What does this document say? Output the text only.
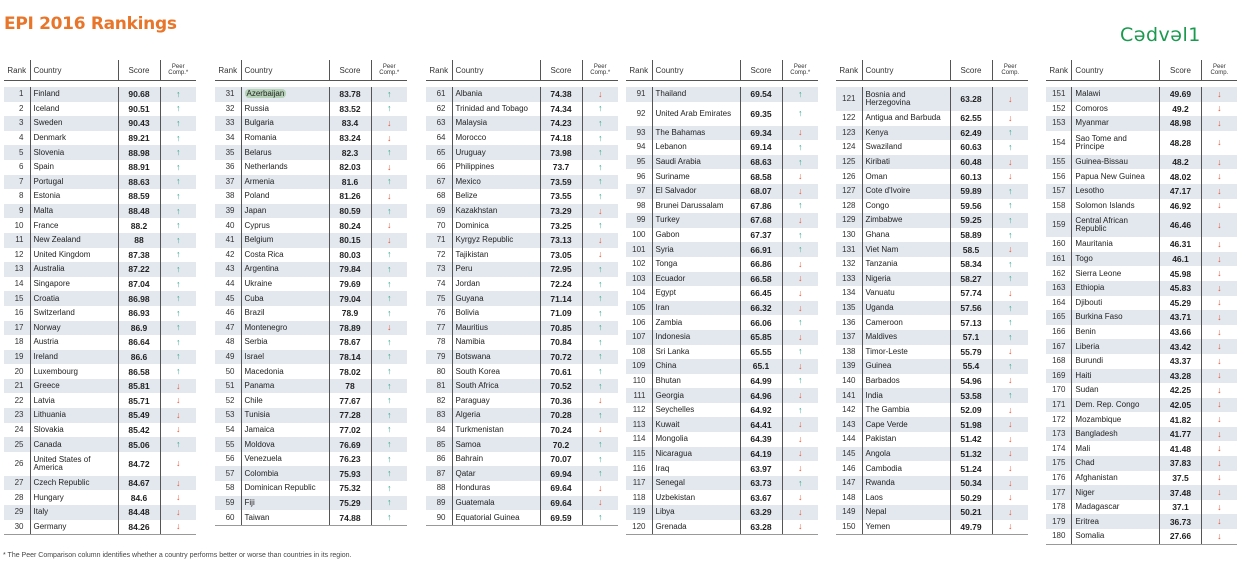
EPI 2016 Rankings	Cədvəl1
Rank	Country	Score	Peer
Comp.*

1	Finland	90.68	↑
2	Iceland	90.51	↑
3	Sweden	90.43	↑
4	Denmark	89.21	↑
5	Slovenia	88.98	↑
6	Spain	88.91	↑
7	Portugal	88.63	↑
8	Estonia	88.59	↑
9	Malta	88.48	↑
10	France	88.2	↑
11	New Zealand	88	↑
12	United Kingdom	87.38	↑
13	Australia	87.22	↑
14	Singapore	87.04	↑
15	Croatia	86.98	↑
16	Switzerland	86.93	↑
17	Norway	86.9	↑
18	Austria	86.64	↑
19	Ireland	86.6	↑
20	Luxembourg	86.58	↑
21	Greece	85.81	↓
22	Latvia	85.71	↓
23	Lithuania	85.49	↓
24	Slovakia	85.42	↓
25	Canada	85.06	↑
26	United States of America	84.72	↓
27	Czech Republic	84.67	↓
28	Hungary	84.6	↓
29	Italy	84.48	↓
30	Germany	84.26	↓
Rank	Country	Score	Peer
Comp.*

31	Azerbaijan	83.78	↑
32	Russia	83.52	↑
33	Bulgaria	83.4	↓
34	Romania	83.24	↓
35	Belarus	82.3	↑
36	Netherlands	82.03	↓
37	Armenia	81.6	↑
38	Poland	81.26	↓
39	Japan	80.59	↑
40	Cyprus	80.24	↓
41	Belgium	80.15	↓
42	Costa Rica	80.03	↑
43	Argentina	79.84	↑
44	Ukraine	79.69	↑
45	Cuba	79.04	↑
46	Brazil	78.9	↑
47	Montenegro	78.89	↓
48	Serbia	78.67	↑
49	Israel	78.14	↑
50	Macedonia	78.02	↑
51	Panama	78	↑
52	Chile	77.67	↑
53	Tunisia	77.28	↑
54	Jamaica	77.02	↑
55	Moldova	76.69	↑
56	Venezuela	76.23	↑
57	Colombia	75.93	↑
58	Dominican Republic	75.32	↑
59	Fiji	75.29	↑
60	Taiwan	74.88	↑
Rank	Country	Score	Peer
Comp.*

61	Albania	74.38	↓
62	Trinidad and Tobago	74.34	↑
63	Malaysia	74.23	↑
64	Morocco	74.18	↑
65	Uruguay	73.98	↑
66	Philippines	73.7	↑
67	Mexico	73.59	↑
68	Belize	73.55	↑
69	Kazakhstan	73.29	↓
70	Dominica	73.25	↑
71	Kyrgyz Republic	73.13	↓
72	Tajikistan	73.05	↓
73	Peru	72.95	↑
74	Jordan	72.24	↑
75	Guyana	71.14	↑
76	Bolivia	71.09	↑
77	Mauritius	70.85	↑
78	Namibia	70.84	↑
79	Botswana	70.72	↑
80	South Korea	70.61	↑
81	South Africa	70.52	↑
82	Paraguay	70.36	↓
83	Algeria	70.28	↑
84	Turkmenistan	70.24	↓
85	Samoa	70.2	↑
86	Bahrain	70.07	↑
87	Qatar	69.94	↑
88	Honduras	69.64	↓
89	Guatemala	69.64	↓
90	Equatorial Guinea	69.59	↑
Rank	Country	Score	Peer
Comp.*

91	Thailand	69.54	↑
92	United Arab Emirates	69.35	↑
93	The Bahamas	69.34	↓
94	Lebanon	69.14	↑
95	Saudi Arabia	68.63	↑
96	Suriname	68.58	↓
97	El Salvador	68.07	↓
98	Brunei Darussalam	67.86	↑
99	Turkey	67.68	↓
100	Gabon	67.37	↑
101	Syria	66.91	↑
102	Tonga	66.86	↓
103	Ecuador	66.58	↓
104	Egypt	66.45	↓
105	Iran	66.32	↓
106	Zambia	66.06	↑
107	Indonesia	65.85	↓
108	Sri Lanka	65.55	↑
109	China	65.1	↓
110	Bhutan	64.99	↑
111	Georgia	64.96	↓
112	Seychelles	64.92	↑
113	Kuwait	64.41	↓
114	Mongolia	64.39	↓
115	Nicaragua	64.19	↓
116	Iraq	63.97	↓
117	Senegal	63.73	↑
118	Uzbekistan	63.67	↓
119	Libya	63.29	↓
120	Grenada	63.28	↓
Rank	Country	Score	Peer
Comp.

121	Bosnia and Herzegovina	63.28	↓
122	Antigua and Barbuda	62.55	↓
123	Kenya	62.49	↑
124	Swaziland	60.63	↑
125	Kiribati	60.48	↓
126	Oman	60.13	↓
127	Cote d'Ivoire	59.89	↑
128	Congo	59.56	↑
129	Zimbabwe	59.25	↑
130	Ghana	58.89	↑
131	Viet Nam	58.5	↓
132	Tanzania	58.34	↑
133	Nigeria	58.27	↑
134	Vanuatu	57.74	↓
135	Uganda	57.56	↑
136	Cameroon	57.13	↑
137	Maldives	57.1	↑
138	Timor-Leste	55.79	↓
139	Guinea	55.4	↑
140	Barbados	54.96	↓
141	India	53.58	↑
142	The Gambia	52.09	↓
143	Cape Verde	51.98	↓
144	Pakistan	51.42	↓
145	Angola	51.32	↓
146	Cambodia	51.24	↓
147	Rwanda	50.34	↓
148	Laos	50.29	↓
149	Nepal	50.21	↓
150	Yemen	49.79	↓
Rank	Country	Score	Peer
Comp.

151	Malawi	49.69	↓
152	Comoros	49.2	↓
153	Myanmar	48.98	↓
154	Sao Tome and Principe	48.28	↓
155	Guinea-Bissau	48.2	↓
156	Papua New Guinea	48.02	↓
157	Lesotho	47.17	↓
158	Solomon Islands	46.92	↓
159	Central African Republic	46.46	↓
160	Mauritania	46.31	↓
161	Togo	46.1	↓
162	Sierra Leone	45.98	↓
163	Ethiopia	45.83	↓
164	Djibouti	45.29	↓
165	Burkina Faso	43.71	↓
166	Benin	43.66	↓
167	Liberia	43.42	↓
168	Burundi	43.37	↓
169	Haiti	43.28	↓
170	Sudan	42.25	↓
171	Dem. Rep. Congo	42.05	↓
172	Mozambique	41.82	↓
173	Bangladesh	41.77	↓
174	Mali	41.48	↓
175	Chad	37.83	↓
176	Afghanistan	37.5	↓
177	Niger	37.48	↓
178	Madagascar	37.1	↓
179	Eritrea	36.73	↓
180	Somalia	27.66	↓
* The Peer Comparison column identifies whether a country performs better or worse than countries in its region.
